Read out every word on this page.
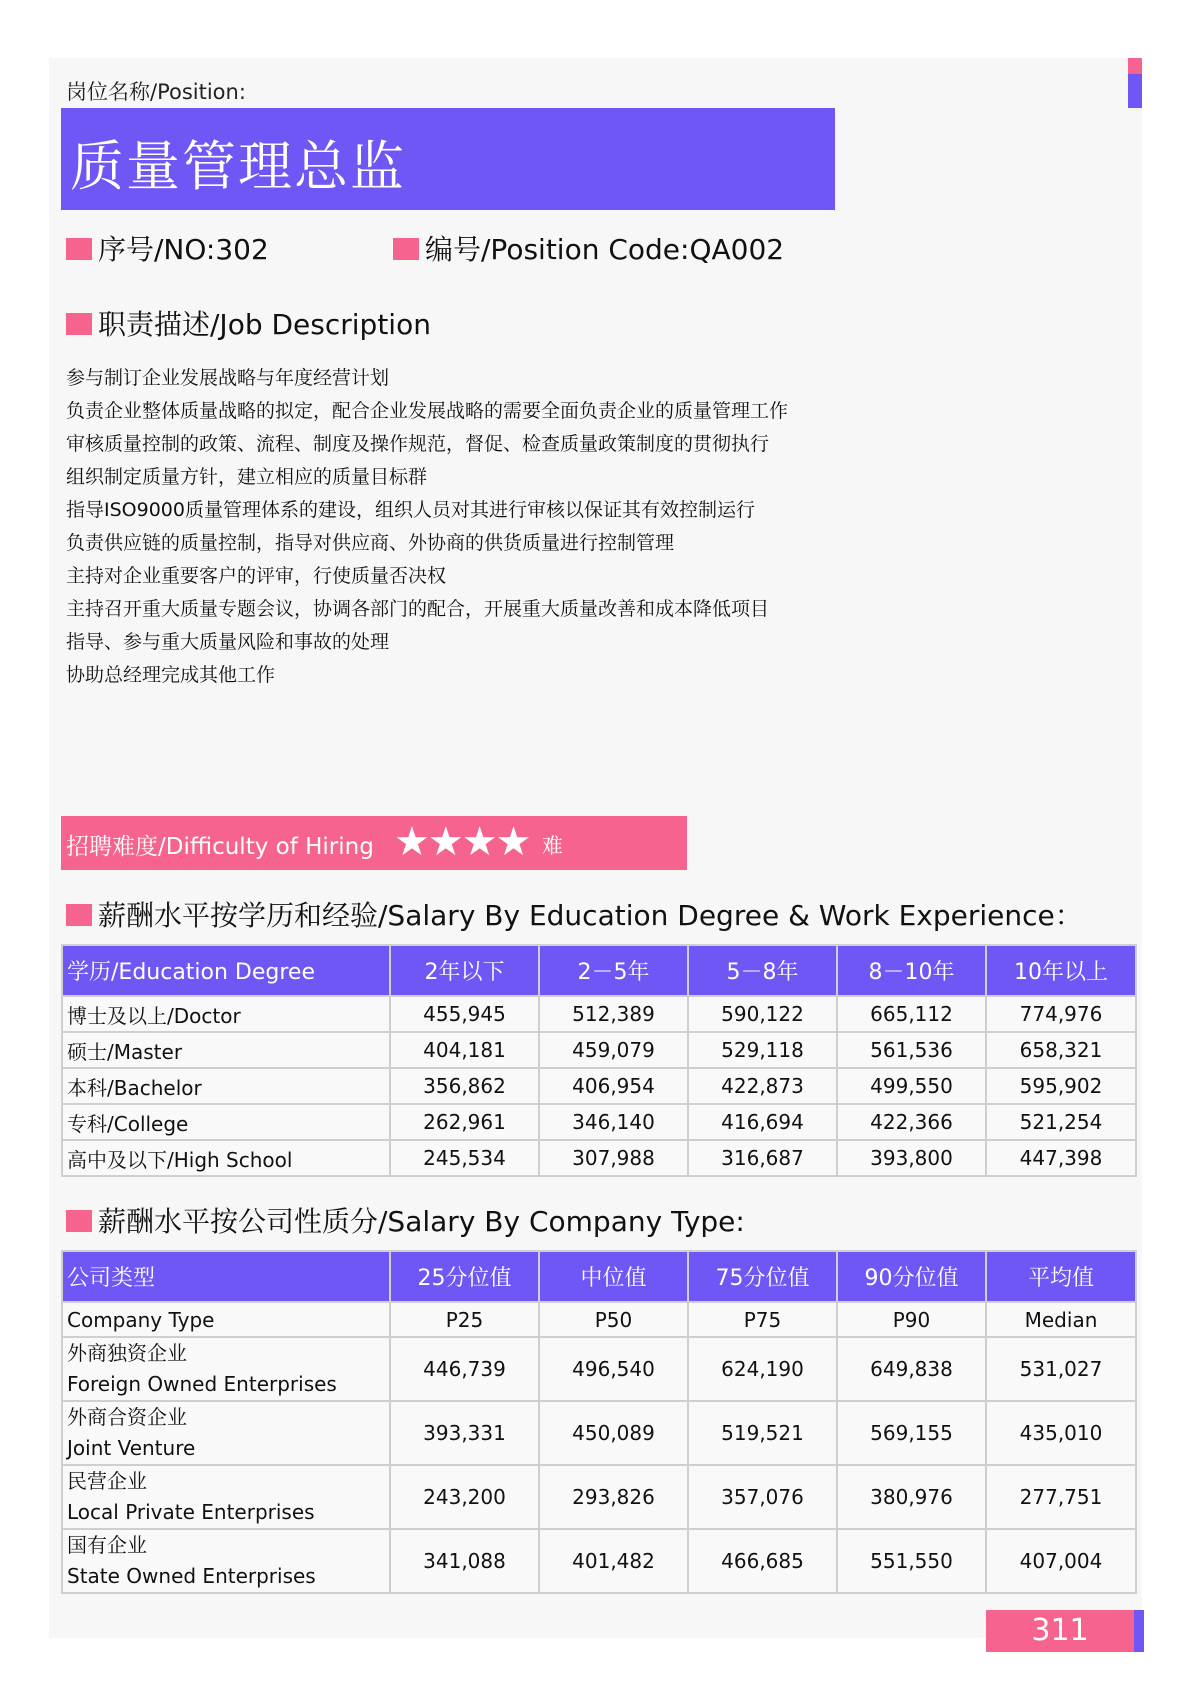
岗位名称/Position:
质量管理总监
序号/NO:302	编号/Position Code:QA002
职责描述/Job Description
参与制订企业发展战略与年度经营计划
负责企业整体质量战略的拟定，配合企业发展战略的需要全面负责企业的质量管理工作
审核质量控制的政策、流程、制度及操作规范，督促、检查质量政策制度的贯彻执行
组织制定质量方针，建立相应的质量目标群
指导ISO9000质量管理体系的建设，组织人员对其进行审核以保证其有效控制运行
负责供应链的质量控制，指导对供应商、外协商的供货质量进行控制管理
主持对企业重要客户的评审，行使质量否决权
主持召开重大质量专题会议，协调各部门的配合，开展重大质量改善和成本降低项目
指导、参与重大质量风险和事故的处理
协助总经理完成其他工作
招聘难度/Difficulty of Hiring ★★★★ 难
薪酬水平按学历和经验/Salary By Education Degree & Work Experience：
学历/Education Degree	2年以下	2－5年	5－8年	8－10年	10年以上
博士及以上/Doctor	455,945	512,389	590,122	665,112	774,976
硕士/Master	404,181	459,079	529,118	561,536	658,321
本科/Bachelor	356,862	406,954	422,873	499,550	595,902
专科/College	262,961	346,140	416,694	422,366	521,254
高中及以下/High School	245,534	307,988	316,687	393,800	447,398
薪酬水平按公司性质分/Salary By Company Type:
公司类型	25分位值	中位值	75分位值	90分位值	平均值
Company Type	P25	P50	P75	P90	Median

外商独资企业
Foreign Owned Enterprises	446,739	496,540	624,190	649,838	531,027

外商合资企业
Joint Venture	393,331	450,089	519,521	569,155	435,010

民营企业
Local Private Enterprises	243,200	293,826	357,076	380,976	277,751

国有企业
State Owned Enterprises	341,088	401,482	466,685	551,550	407,004
311
